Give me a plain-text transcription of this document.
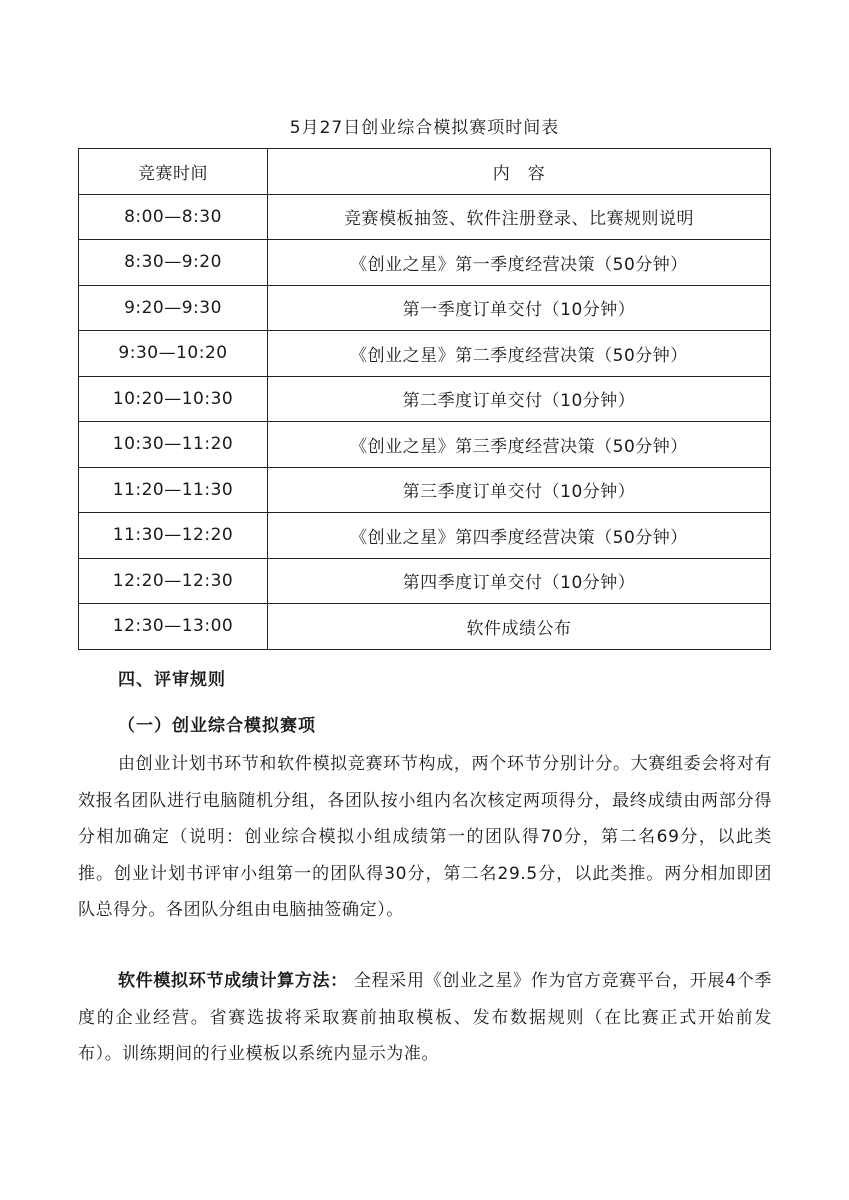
5月27日创业综合模拟赛项时间表
竞赛时间	内　容
8:00—8:30	竞赛模板抽签、软件注册登录、比赛规则说明
8:30—9:20	《创业之星》第一季度经营决策（50分钟）
9:20—9:30	第一季度订单交付（10分钟）
9:30—10:20	《创业之星》第二季度经营决策（50分钟）
10:20—10:30	第二季度订单交付（10分钟）
10:30—11:20	《创业之星》第三季度经营决策（50分钟）
11:20—11:30	第三季度订单交付（10分钟）
11:30—12:20	《创业之星》第四季度经营决策（50分钟）
12:20—12:30	第四季度订单交付（10分钟）
12:30—13:00	软件成绩公布
四、评审规则
（一）创业综合模拟赛项

由创业计划书环节和软件模拟竞赛环节构成，两个环节分别计分。大赛组委会将对有效报名团队进行电脑随机分组，各团队按小组内名次核定两项得分，最终成绩由两部分得分相加确定（说明：创业综合模拟小组成绩第一的团队得70分，第二名69分，以此类推。创业计划书评审小组第一的团队得30分，第二名29.5分，以此类推。两分相加即团队总得分。各团队分组由电脑抽签确定）。

软件模拟环节成绩计算方法： 全程采用《创业之星》作为官方竞赛平台，开展4个季度的企业经营。省赛选拔将采取赛前抽取模板、发布数据规则（在比赛正式开始前发布）。训练期间的行业模板以系统内显示为准。
